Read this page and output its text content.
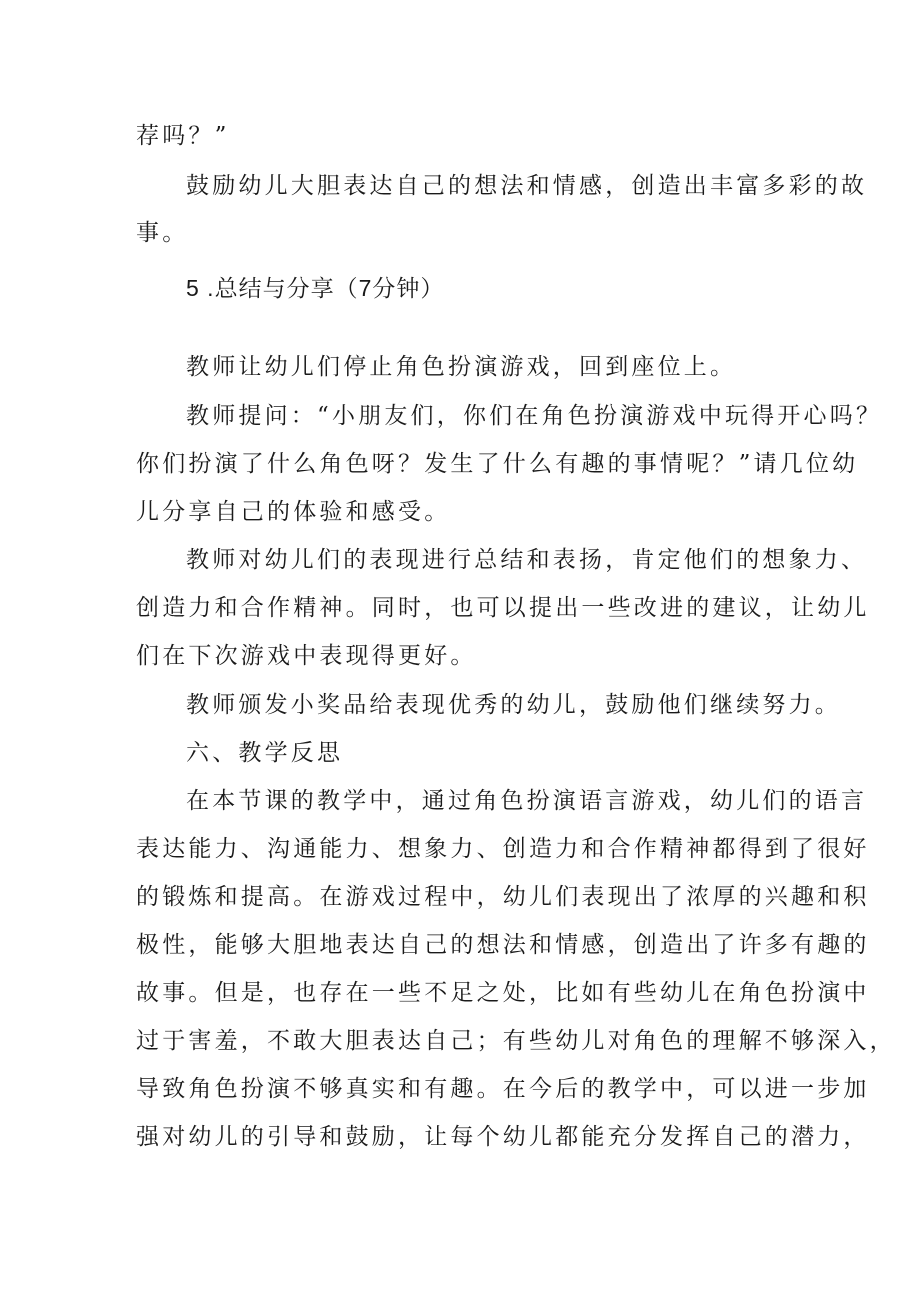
荐吗？”
鼓励幼儿大胆表达自己的想法和情感，创造出丰富多彩的故
事。
5 .总结与分享（7分钟）
教师让幼儿们停止角色扮演游戏，回到座位上。
教师提问：“小朋友们，你们在角色扮演游戏中玩得开心吗？
你们扮演了什么角色呀？发生了什么有趣的事情呢？”请几位幼
儿分享自己的体验和感受。
教师对幼儿们的表现进行总结和表扬，肯定他们的想象力、
创造力和合作精神。同时，也可以提出一些改进的建议，让幼儿
们在下次游戏中表现得更好。
教师颁发小奖品给表现优秀的幼儿，鼓励他们继续努力。
六、教学反思
在本节课的教学中，通过角色扮演语言游戏，幼儿们的语言
表达能力、沟通能力、想象力、创造力和合作精神都得到了很好
的锻炼和提高。在游戏过程中，幼儿们表现出了浓厚的兴趣和积
极性，能够大胆地表达自己的想法和情感，创造出了许多有趣的
故事。但是，也存在一些不足之处，比如有些幼儿在角色扮演中
过于害羞，不敢大胆表达自己；有些幼儿对角色的理解不够深入，
导致角色扮演不够真实和有趣。在今后的教学中，可以进一步加
强对幼儿的引导和鼓励，让每个幼儿都能充分发挥自己的潜力，
